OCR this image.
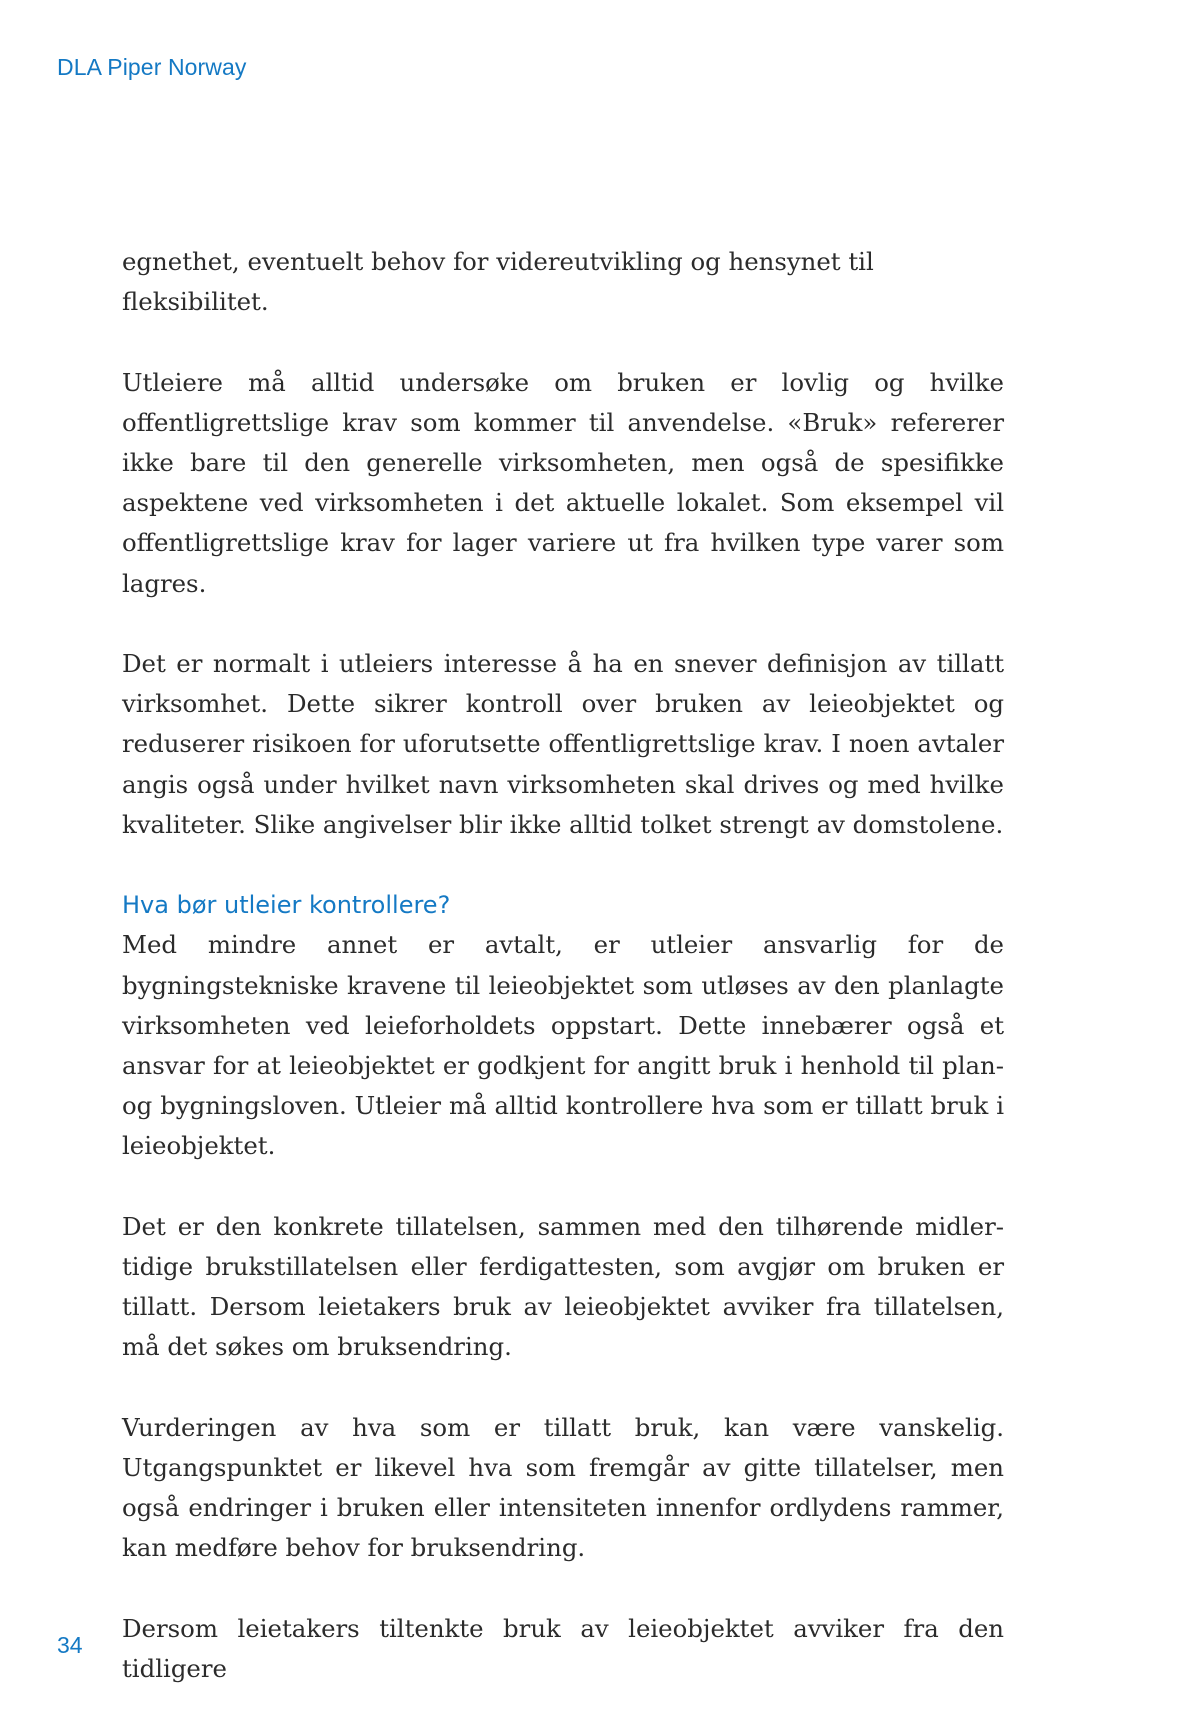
DLA Piper Norway

egnethet, eventuelt behov for videreutvikling og hensynet til fleksibilitet.

Utleiere må alltid undersøke om bruken er lovlig og hvilke offentligrettslige krav som kommer til anvendelse. «Bruk» refererer ikke bare til den generelle virksomheten, men også de spesifikke aspektene ved virksomheten i det aktuelle lokalet. Som eksempel vil offentligrettslige krav for lager variere ut fra hvilken type varer som lagres.

Det er normalt i utleiers interesse å ha en snever definisjon av tillatt virksomhet. Dette sikrer kontroll over bruken av leieobjektet og reduserer risikoen for uforutsette offentligrettslige krav. I noen avtaler angis også under hvilket navn virksomheten skal drives og med hvilke kvaliteter. Slike angivelser blir ikke alltid tolket strengt av domstolene.

Hva bør utleier kontrollere?

Med mindre annet er avtalt, er utleier ansvarlig for de bygningstekniske kravene til leieobjektet som utløses av den planlagte virksomheten ved leieforholdets oppstart. Dette innebærer også et ansvar for at leieobjektet er godkjent for angitt bruk i henhold til plan- og bygningsloven. Utleier må alltid kontrollere hva som er tillatt bruk i leieobjektet.

Det er den konkrete tillatelsen, sammen med den tilhørende midlertidige brukstillatelsen eller ferdigattesten, som avgjør om bruken er tillatt. Dersom leietakers bruk av leieobjektet avviker fra tillatelsen, må det søkes om bruksendring.

Vurderingen av hva som er tillatt bruk, kan være vanskelig. Utgangspunktet er likevel hva som fremgår av gitte tillatelser, men også endringer i bruken eller intensiteten innenfor ordlydens rammer, kan medføre behov for bruksendring.

Dersom leietakers tiltenkte bruk av leieobjektet avviker fra den tidligere

34
